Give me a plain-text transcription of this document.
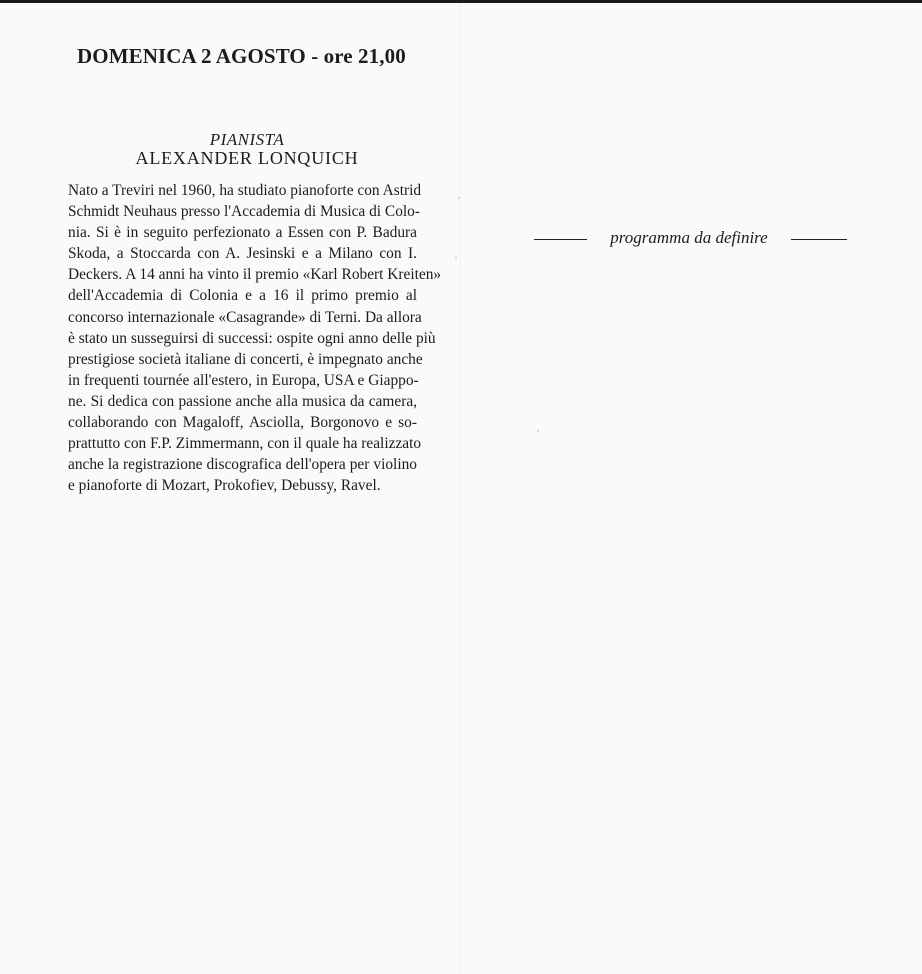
DOMENICA 2 AGOSTO - ore 21,00
PIANISTA
ALEXANDER LONQUICH
Nato a Treviri nel 1960, ha studiato pianoforte con Astrid
Schmidt Neuhaus presso l'Accademia di Musica di Colo-
nia. Si è in seguito perfezionato a Essen con P. Badura
Skoda, a Stoccarda con A. Jesinski e a Milano con I.
Deckers. A 14 anni ha vinto il premio «Karl Robert Kreiten»
dell'Accademia di Colonia e a 16 il primo premio al
concorso internazionale «Casagrande» di Terni. Da allora
è stato un susseguirsi di successi: ospite ogni anno delle più
prestigiose società italiane di concerti, è impegnato anche
in frequenti tournée all'estero, in Europa, USA e Giappo-
ne. Si dedica con passione anche alla musica da camera,
collaborando con Magaloff, Asciolla, Borgonovo e so-
prattutto con F.P. Zimmermann, con il quale ha realizzato
anche la registrazione discografica dell'opera per violino
e pianoforte di Mozart, Prokofiev, Debussy, Ravel.
programma da definire
